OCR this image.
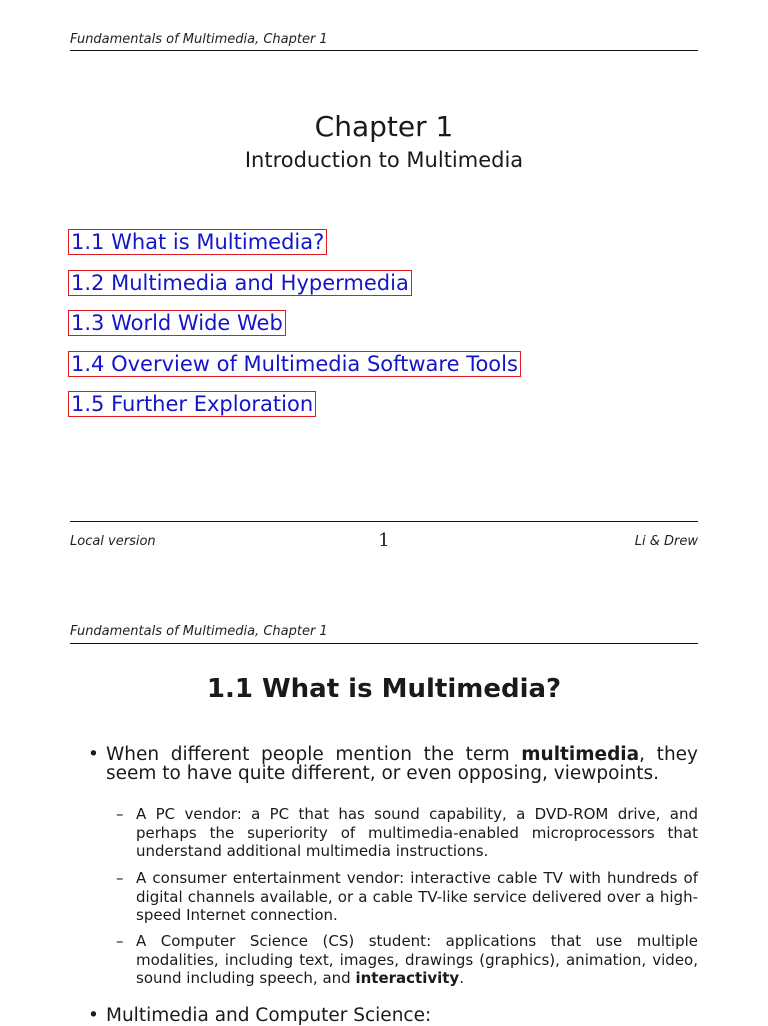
Fundamentals of Multimedia, Chapter 1
Chapter 1
Introduction to Multimedia
1.1 What is Multimedia?
1.2 Multimedia and Hypermedia
1.3 World Wide Web
1.4 Overview of Multimedia Software Tools
1.5 Further Exploration
Local version	1	Li & Drew
Fundamentals of Multimedia, Chapter 1
1.1 What is Multimedia?
• When different people mention the term multimedia, they seem to have quite different, or even opposing, viewpoints.
– A PC vendor: a PC that has sound capability, a DVD-ROM drive, and perhaps the superiority of multimedia-enabled microprocessors that understand additional multimedia instructions.
– A consumer entertainment vendor: interactive cable TV with hundreds of digital channels available, or a cable TV-like service delivered over a high-speed Internet connection.
– A Computer Science (CS) student: applications that use multiple modalities, including text, images, drawings (graphics), animation, video, sound including speech, and interactivity.
• Multimedia and Computer Science:
